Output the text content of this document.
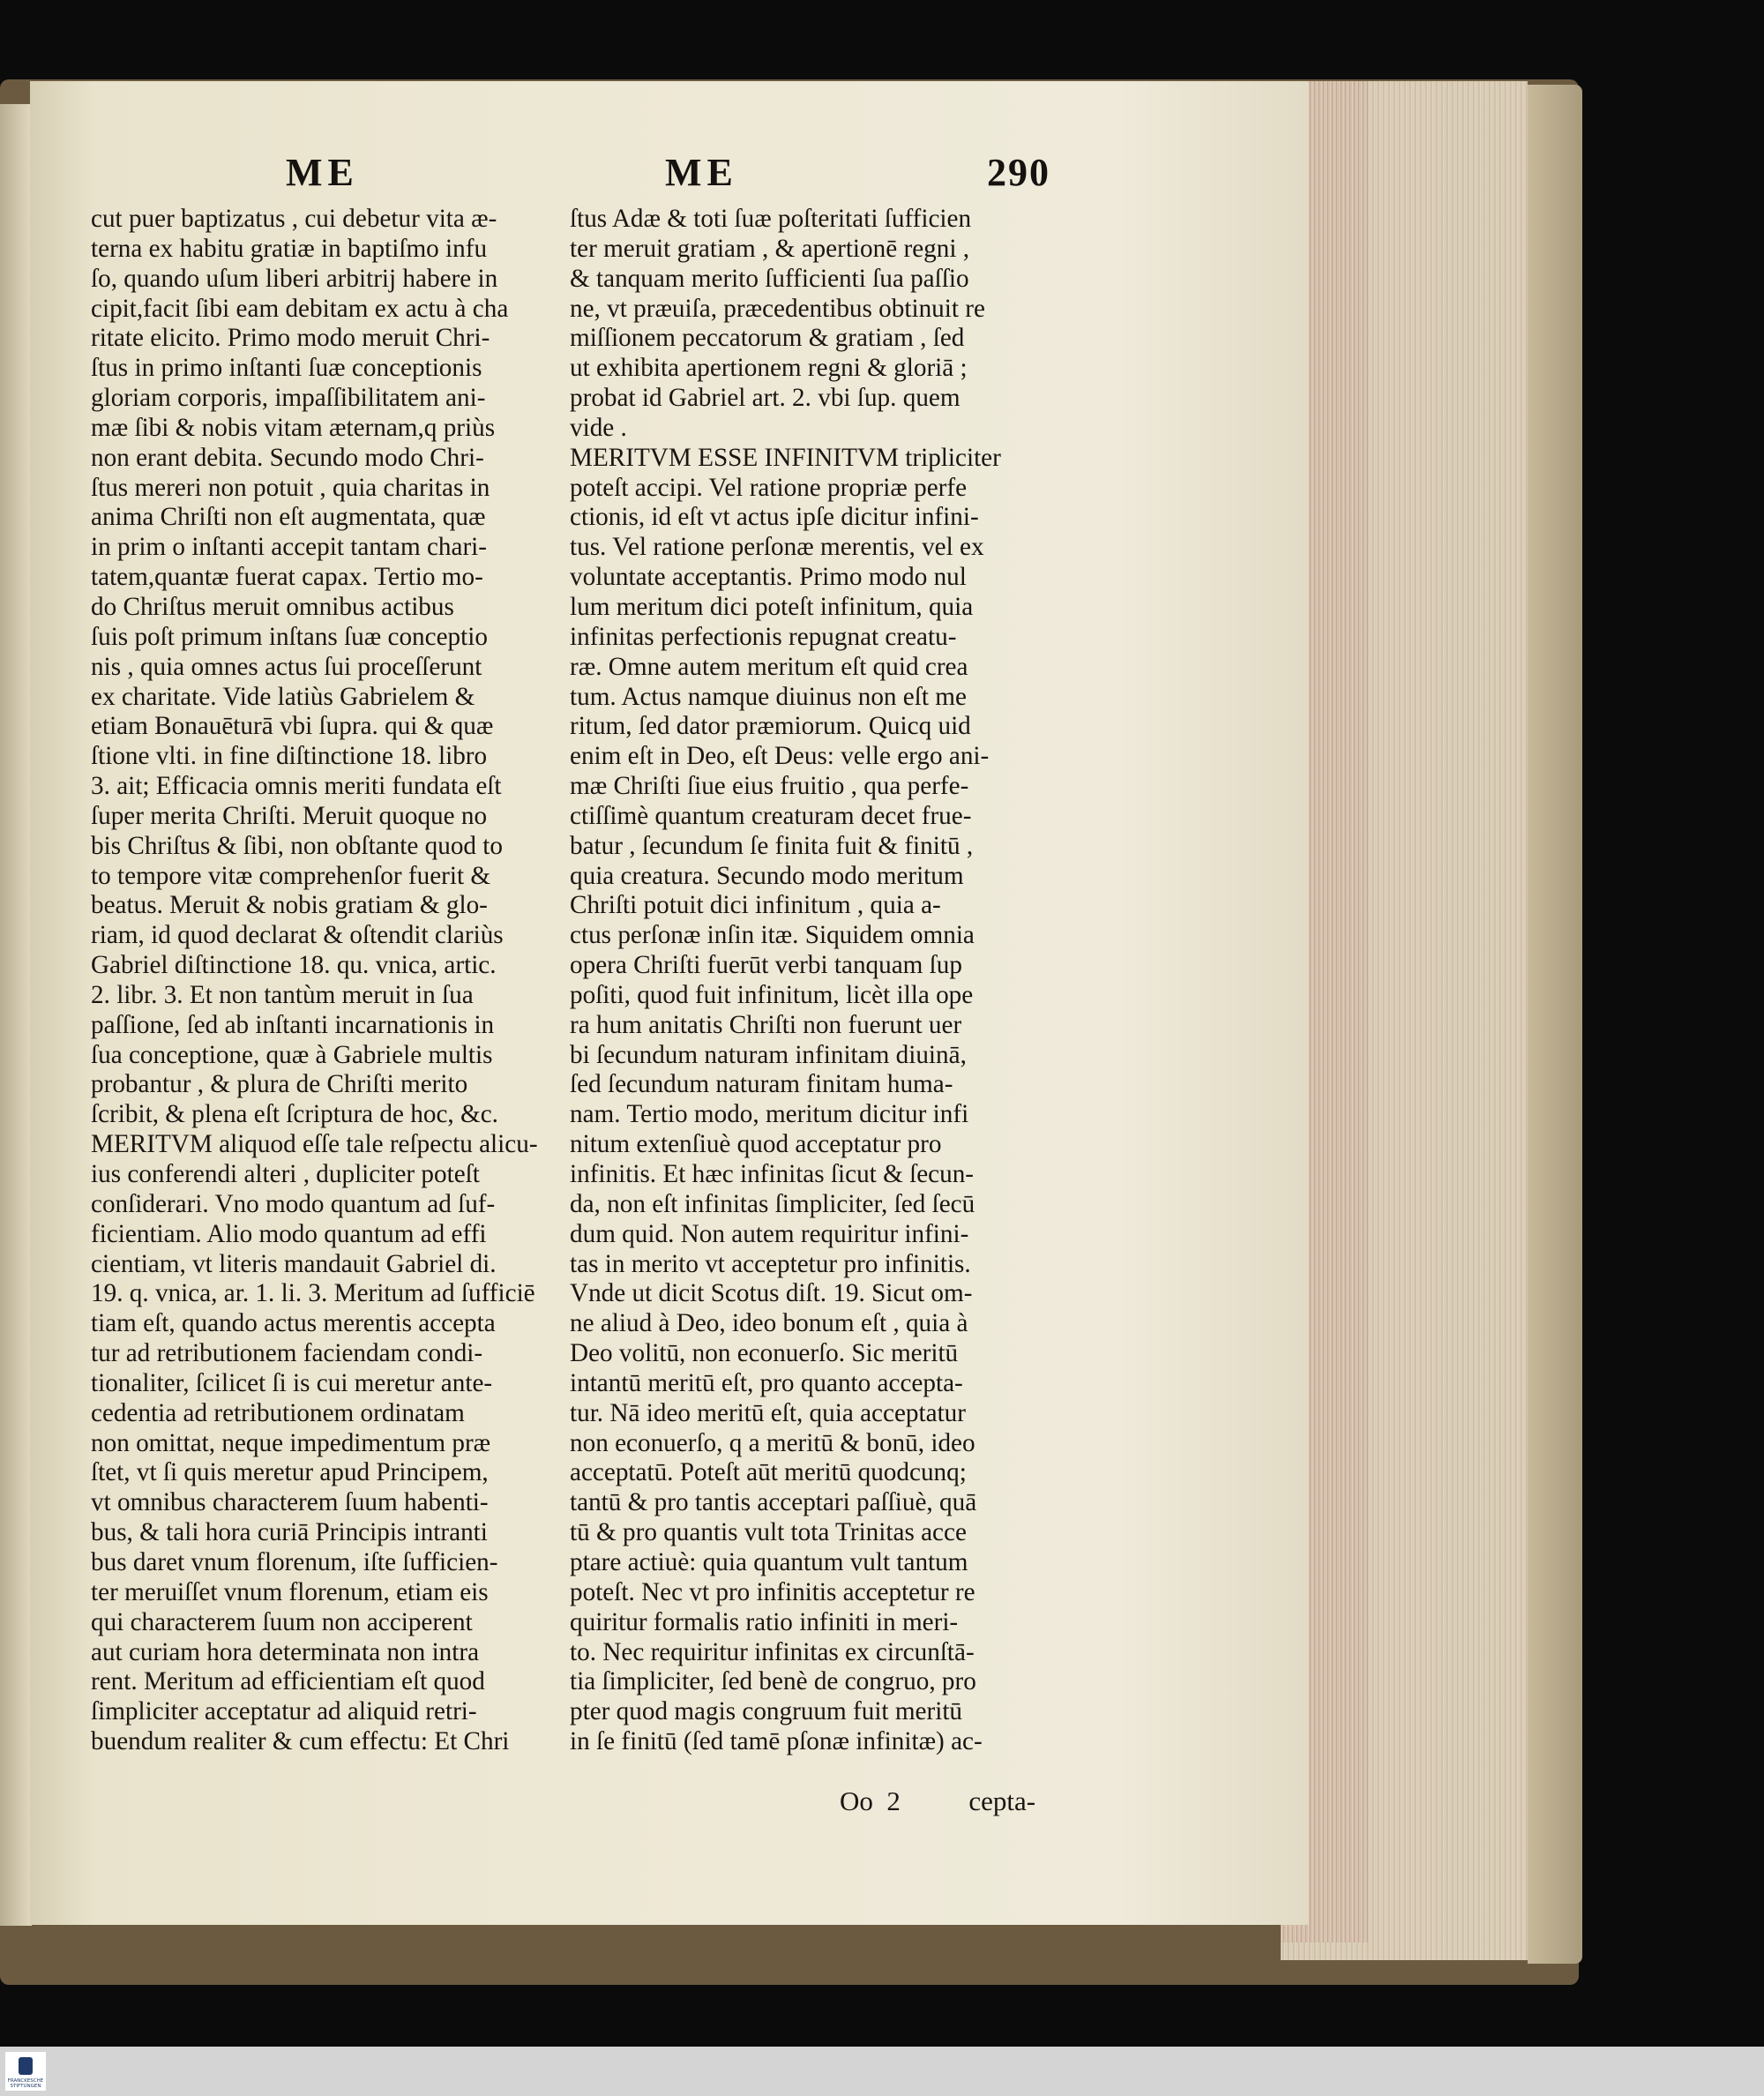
ME	ME	290
cut puer baptizatus , cui debetur vita æ-
terna ex habitu gratiæ in baptiſmo infu
ſo, quando uſum liberi arbitrij habere in
cipit,facit ſibi eam debitam ex actu à cha
ritate elicito. Primo modo meruit Chri-
ſtus in primo inſtanti ſuæ conceptionis
gloriam corporis, impaſſibilitatem ani-
mæ ſibi & nobis vitam æternam,q priùs
non erant debita. Secundo modo Chri-
ſtus mereri non potuit , quia charitas in
anima Chriſti non eſt augmentata, quæ
in prim o inſtanti accepit tantam chari-
tatem,quantæ fuerat capax. Tertio mo-
do Chriſtus meruit omnibus actibus
ſuis poſt primum inſtans ſuæ conceptio
nis , quia omnes actus ſui proceſſerunt
ex charitate. Vide latiùs Gabrielem &
etiam Bonauēturā vbi ſupra. qui & quæ
ſtione vlti. in fine diſtinctione 18. libro
3. ait; Efficacia omnis meriti fundata eſt
ſuper merita Chriſti. Meruit quoque no
bis Chriſtus & ſibi, non obſtante quod to
to tempore vitæ comprehenſor fuerit &
beatus. Meruit & nobis gratiam & glo-
riam, id quod declarat & oſtendit clariùs
Gabriel diſtinctione 18. qu. vnica, artic.
2. libr. 3. Et non tantùm meruit in ſua
paſſione, ſed ab inſtanti incarnationis in
ſua conceptione, quæ à Gabriele multis
probantur , & plura de Chriſti merito
ſcribit, & plena eſt ſcriptura de hoc, &c.
MERITVM aliquod eſſe tale reſpectu alicu-
ius conferendi alteri , dupliciter poteſt
conſiderari. Vno modo quantum ad ſuf-
ficientiam. Alio modo quantum ad effi
cientiam, vt literis mandauit Gabriel di.
19. q. vnica, ar. 1. li. 3. Meritum ad ſufficiē
tiam eſt, quando actus merentis accepta
tur ad retributionem faciendam condi-
tionaliter, ſcilicet ſi is cui meretur ante-
cedentia ad retributionem ordinatam
non omittat, neque impedimentum præ
ſtet, vt ſi quis meretur apud Principem,
vt omnibus characterem ſuum habenti-
bus, & tali hora curiā Principis intranti
bus daret vnum florenum, iſte ſufficien-
ter meruiſſet vnum florenum, etiam eis
qui characterem ſuum non acciperent
aut curiam hora determinata non intra
rent. Meritum ad efficientiam eſt quod
ſimpliciter acceptatur ad aliquid retri-
buendum realiter & cum effectu: Et Chri
ſtus Adæ & toti ſuæ poſteritati ſufficien
ter meruit gratiam , & apertionē regni ,
& tanquam merito ſufficienti ſua paſſio
ne, vt præuiſa, præcedentibus obtinuit re
miſſionem peccatorum & gratiam , ſed
ut exhibita apertionem regni & gloriā ;
probat id Gabriel art. 2. vbi ſup. quem
vide .
MERITVM ESSE INFINITVM tripliciter
poteſt accipi. Vel ratione propriæ perfe
ctionis, id eſt vt actus ipſe dicitur infini-
tus. Vel ratione perſonæ merentis, vel ex
voluntate acceptantis. Primo modo nul
lum meritum dici poteſt infinitum, quia
infinitas perfectionis repugnat creatu-
ræ. Omne autem meritum eſt quid crea
tum. Actus namque diuinus non eſt me
ritum, ſed dator præmiorum. Quicq uid
enim eſt in Deo, eſt Deus: velle ergo ani-
mæ Chriſti ſiue eius fruitio , qua perfe-
ctiſſimè quantum creaturam decet frue-
batur , ſecundum ſe finita fuit & finitū ,
quia creatura. Secundo modo meritum
Chriſti potuit dici infinitum , quia a-
ctus perſonæ inſin itæ. Siquidem omnia
opera Chriſti fuerūt verbi tanquam ſup
poſiti, quod fuit infinitum, licèt illa ope
ra hum anitatis Chriſti non fuerunt uer
bi ſecundum naturam infinitam diuinā,
ſed ſecundum naturam finitam huma-
nam. Tertio modo, meritum dicitur infi
nitum extenſiuè quod acceptatur pro
infinitis. Et hæc infinitas ſicut & ſecun-
da, non eſt infinitas ſimpliciter, ſed ſecū
dum quid. Non autem requiritur infini-
tas in merito vt acceptetur pro infinitis.
Vnde ut dicit Scotus diſt. 19. Sicut om-
ne aliud à Deo, ideo bonum eſt , quia à
Deo volitū, non econuerſo. Sic meritū
intantū meritū eſt, pro quanto accepta-
tur. Nā ideo meritū eſt, quia acceptatur
non econuerſo, q a meritū & bonū, ideo
acceptatū. Poteſt aūt meritū quodcunq;
tantū & pro tantis acceptari paſſiuè, quā
tū & pro quantis vult tota Trinitas acce
ptare actiuè: quia quantum vult tantum
poteſt. Nec vt pro infinitis acceptetur re
quiritur formalis ratio infiniti in meri-
to. Nec requiritur infinitas ex circunſtā-
tia ſimpliciter, ſed benè de congruo, pro
pter quod magis congruum fuit meritū
in ſe finitū (ſed tamē pſonæ infinitæ) ac-
Oo  2	cepta-
FRANCKESCHE STIFTUNGEN
